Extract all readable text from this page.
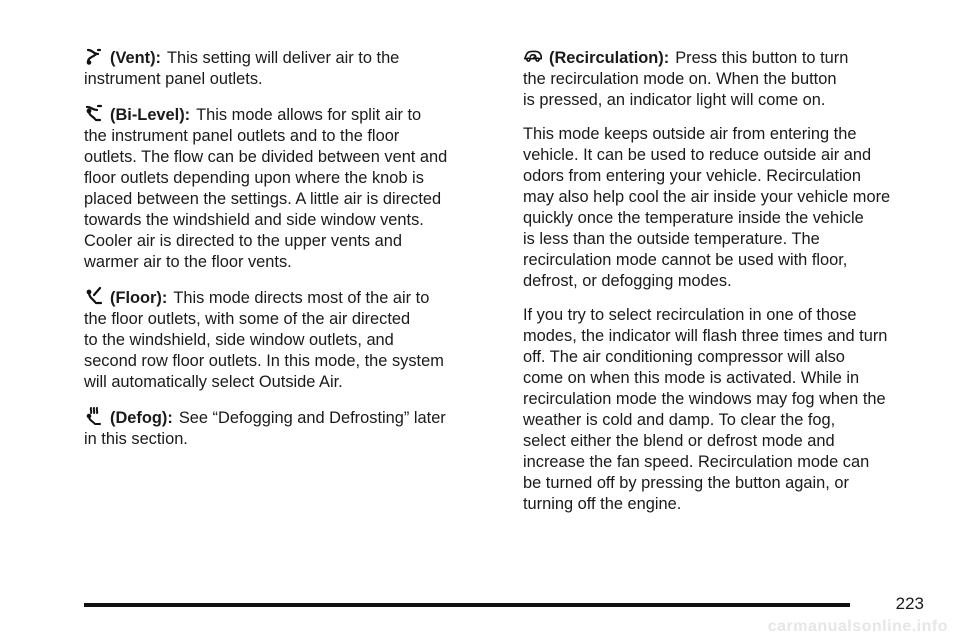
(Vent): This setting will deliver air to the
instrument panel outlets.

(Bi-Level): This mode allows for split air to
the instrument panel outlets and to the floor
outlets. The flow can be divided between vent and
floor outlets depending upon where the knob is
placed between the settings. A little air is directed
towards the windshield and side window vents.
Cooler air is directed to the upper vents and
warmer air to the floor vents.

(Floor): This mode directs most of the air to
the floor outlets, with some of the air directed
to the windshield, side window outlets, and
second row floor outlets. In this mode, the system
will automatically select Outside Air.

(Defog): See “Defogging and Defrosting” later
in this section.

(Recirculation): Press this button to turn
the recirculation mode on. When the button
is pressed, an indicator light will come on.

This mode keeps outside air from entering the
vehicle. It can be used to reduce outside air and
odors from entering your vehicle. Recirculation
may also help cool the air inside your vehicle more
quickly once the temperature inside the vehicle
is less than the outside temperature. The
recirculation mode cannot be used with floor,
defrost, or defogging modes.

If you try to select recirculation in one of those
modes, the indicator will flash three times and turn
off. The air conditioning compressor will also
come on when this mode is activated. While in
recirculation mode the windows may fog when the
weather is cold and damp. To clear the fog,
select either the blend or defrost mode and
increase the fan speed. Recirculation mode can
be turned off by pressing the button again, or
turning off the engine.

223
carmanualsonline.info
